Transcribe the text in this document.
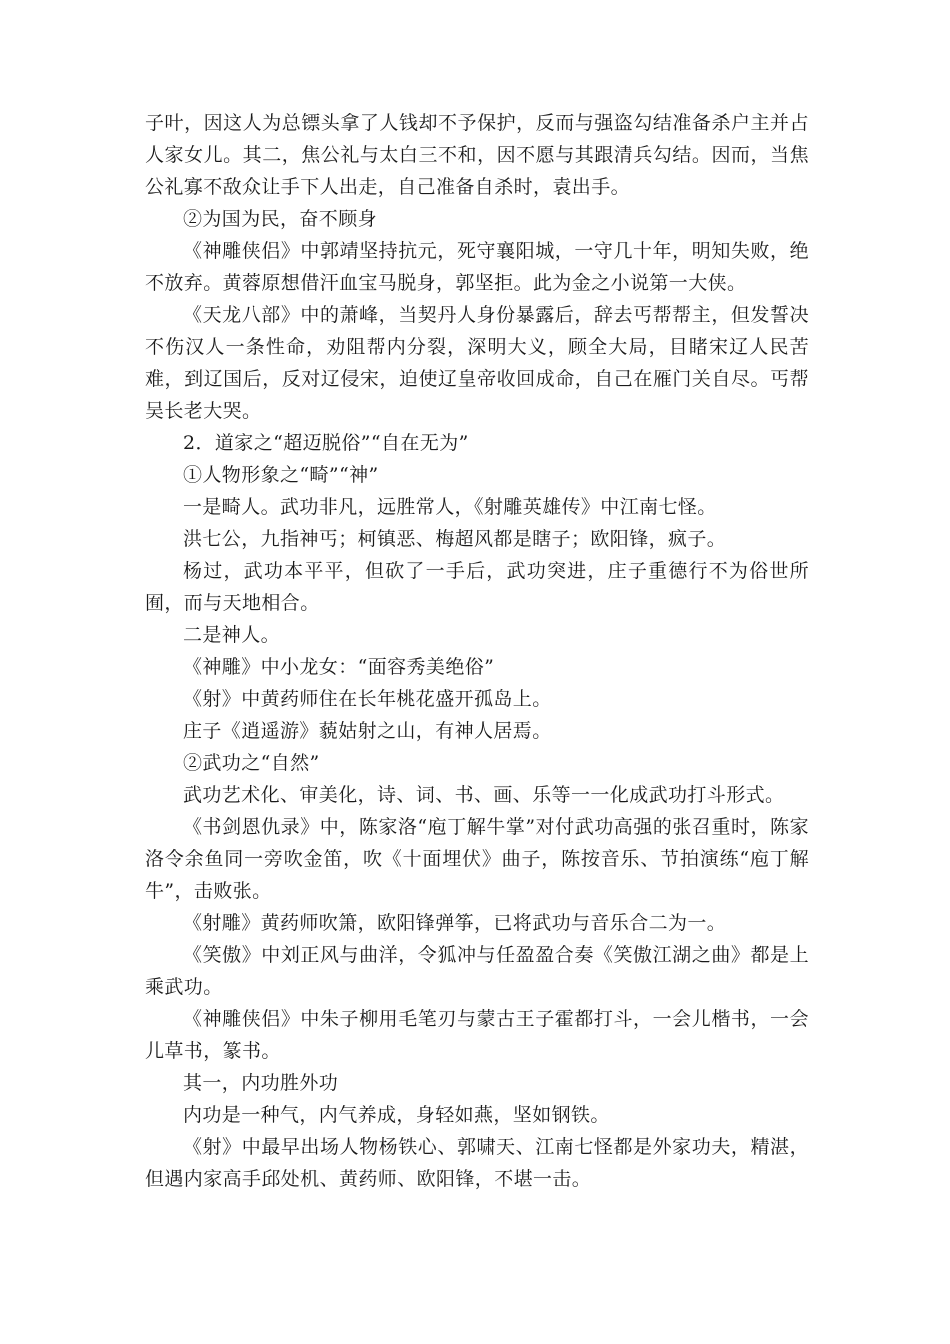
子叶，因这人为总镖头拿了人钱却不予保护，反而与强盗勾结准备杀户主并占人家女儿。其二，焦公礼与太白三不和，因不愿与其跟清兵勾结。因而，当焦公礼寡不敌众让手下人出走，自己准备自杀时，袁出手。

②为国为民，奋不顾身

《神雕侠侣》中郭靖坚持抗元，死守襄阳城，一守几十年，明知失败，绝不放弃。黄蓉原想借汗血宝马脱身，郭坚拒。此为金之小说第一大侠。

《天龙八部》中的萧峰，当契丹人身份暴露后，辞去丐帮帮主，但发誓决不伤汉人一条性命，劝阻帮内分裂，深明大义，顾全大局，目睹宋辽人民苦难，到辽国后，反对辽侵宋，迫使辽皇帝收回成命，自己在雁门关自尽。丐帮吴长老大哭。

2．道家之“超迈脱俗”“自在无为”

①人物形象之“畸”“神”

一是畸人。武功非凡，远胜常人，《射雕英雄传》中江南七怪。

洪七公，九指神丐；柯镇恶、梅超风都是瞎子；欧阳锋，疯子。

杨过，武功本平平，但砍了一手后，武功突进，庄子重德行不为俗世所囿，而与天地相合。

二是神人。

《神雕》中小龙女：“面容秀美绝俗”

《射》中黄药师住在长年桃花盛开孤岛上。

庄子《逍遥游》藐姑射之山，有神人居焉。

②武功之“自然”

武功艺术化、审美化，诗、词、书、画、乐等一一化成武功打斗形式。

《书剑恩仇录》中，陈家洛“庖丁解牛掌”对付武功高强的张召重时，陈家洛令余鱼同一旁吹金笛，吹《十面埋伏》曲子，陈按音乐、节拍演练“庖丁解牛”，击败张。

《射雕》黄药师吹箫，欧阳锋弹筝，已将武功与音乐合二为一。

《笑傲》中刘正风与曲洋，令狐冲与任盈盈合奏《笑傲江湖之曲》都是上乘武功。

《神雕侠侣》中朱子柳用毛笔刃与蒙古王子霍都打斗，一会儿楷书，一会儿草书，篆书。

其一，内功胜外功

内功是一种气，内气养成，身轻如燕，坚如钢铁。

《射》中最早出场人物杨铁心、郭啸天、江南七怪都是外家功夫，精湛，但遇内家高手邱处机、黄药师、欧阳锋，不堪一击。
